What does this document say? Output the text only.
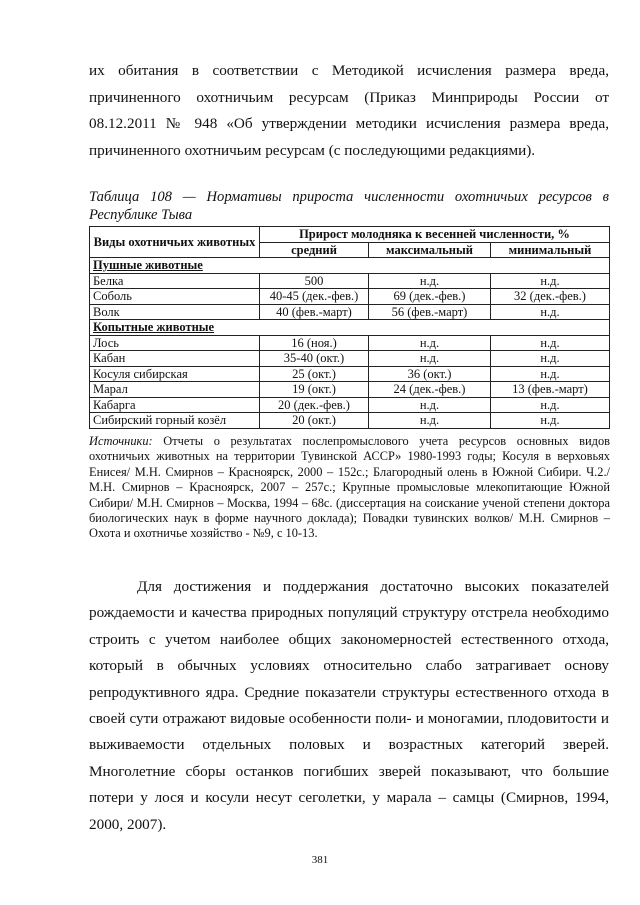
их обитания в соответствии с Методикой исчисления размера вреда, причиненного охотничьим ресурсам (Приказ Минприроды России от 08.12.2011 № 948 «Об утверждении методики исчисления размера вреда, причиненного охотничьим ресурсам (с последующими редакциями).

Таблица 108 — Нормативы прироста численности охотничьих ресурсов в Республике Тыва

Виды охотничьих животных	Прирост молодняка к весенней численности, %		
	средний	максимальный	минимальный
Пушные животные			
Белка	500	н.д.	н.д.
Соболь	40-45 (дек.-фев.)	69 (дек.-фев.)	32 (дек.-фев.)
Волк	40 (фев.-март)	56 (фев.-март)	н.д.
Копытные животные			
Лось	16 (ноя.)	н.д.	н.д.
Кабан	35-40 (окт.)	н.д.	н.д.
Косуля сибирская	25 (окт.)	36 (окт.)	н.д.
Марал	19 (окт.)	24 (дек.-фев.)	13 (фев.-март)
Кабарга	20 (дек.-фев.)	н.д.	н.д.
Сибирский горный козёл	20 (окт.)	н.д.	н.д.

Источники: Отчеты о результатах послепромыслового учета ресурсов основных видов охотничьих животных на территории Тувинской АССР» 1980-1993 годы; Косуля в верховьях Енисея/ М.Н. Смирнов – Красноярск, 2000 – 152с.; Благородный олень в Южной Сибири. Ч.2./ М.Н. Смирнов – Красноярск, 2007 – 257с.; Крупные промысловые млекопитающие Южной Сибири/ М.Н. Смирнов – Москва, 1994 – 68с. (диссертация на соискание ученой степени доктора биологических наук в форме научного доклада); Повадки тувинских волков/ М.Н. Смирнов – Охота и охотничье хозяйство - №9, с 10-13.

Для достижения и поддержания достаточно высоких показателей рождаемости и качества природных популяций структуру отстрела необходимо строить с учетом наиболее общих закономерностей естественного отхода, который в обычных условиях относительно слабо затрагивает основу репродуктивного ядра. Средние показатели структуры естественного отхода в своей сути отражают видовые особенности поли- и моногамии, плодовитости и выживаемости отдельных половых и возрастных категорий зверей. Многолетние сборы останков погибших зверей показывают, что большие потери у лося и косули несут сеголетки, у марала – самцы (Смирнов, 1994, 2000, 2007).

381
